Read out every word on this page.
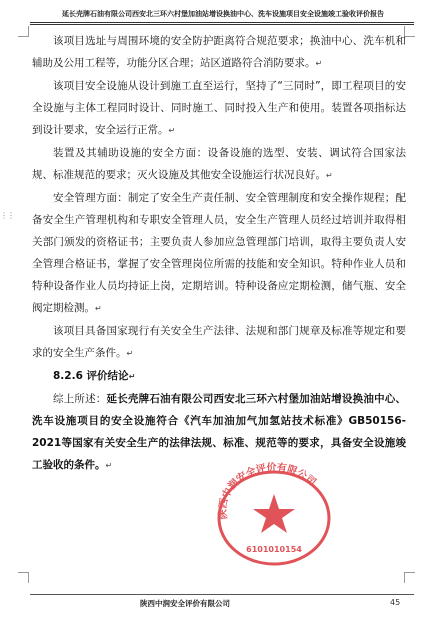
延长壳牌石油有限公司西安北三环六村堡加油站增设换油中心、洗车设施项目安全设施竣工验收评价报告
⋮⋮

该项目选址与周围环境的安全防护距离符合规范要求；换油中心、洗车机和辅助及公用工程等，功能分区合理；站区道路符合消防要求。↵

该项目安全设施从设计到施工直至运行，坚持了“三同时”，即工程项目的安全设施与主体工程同时设计、同时施工、同时投入生产和使用。装置各项指标达到设计要求，安全运行正常。↵

装置及其辅助设施的安全方面：设备设施的选型、安装、调试符合国家法规、标准规范的要求；灭火设施及其他安全设施运行状况良好。↵

安全管理方面：制定了安全生产责任制、安全管理制度和安全操作规程；配备安全生产管理机构和专职安全管理人员，安全生产管理人员经过培训并取得相关部门颁发的资格证书；主要负责人参加应急管理部门培训，取得主要负责人安全管理合格证书，掌握了安全管理岗位所需的技能和安全知识。特种作业人员和特种设备作业人员均持证上岗，定期培训。特种设备应定期检测，储气瓶、安全阀定期检测。↵

该项目具备国家现行有关安全生产法律、法规和部门规章及标准等规定和要求的安全生产条件。↵

8.2.6 评价结论↵

综上所述：延长壳牌石油有限公司西安北三环六村堡加油站增设换油中心、洗车设施项目的安全设施符合《汽车加油加气加氢站技术标准》GB50156-2021等国家有关安全生产的法律法规、标准、规范等的要求，具备安全设施竣工验收的条件。↵

陕西中润安全评价有限公司
6101010154
陕西中润安全评价有限公司	45
